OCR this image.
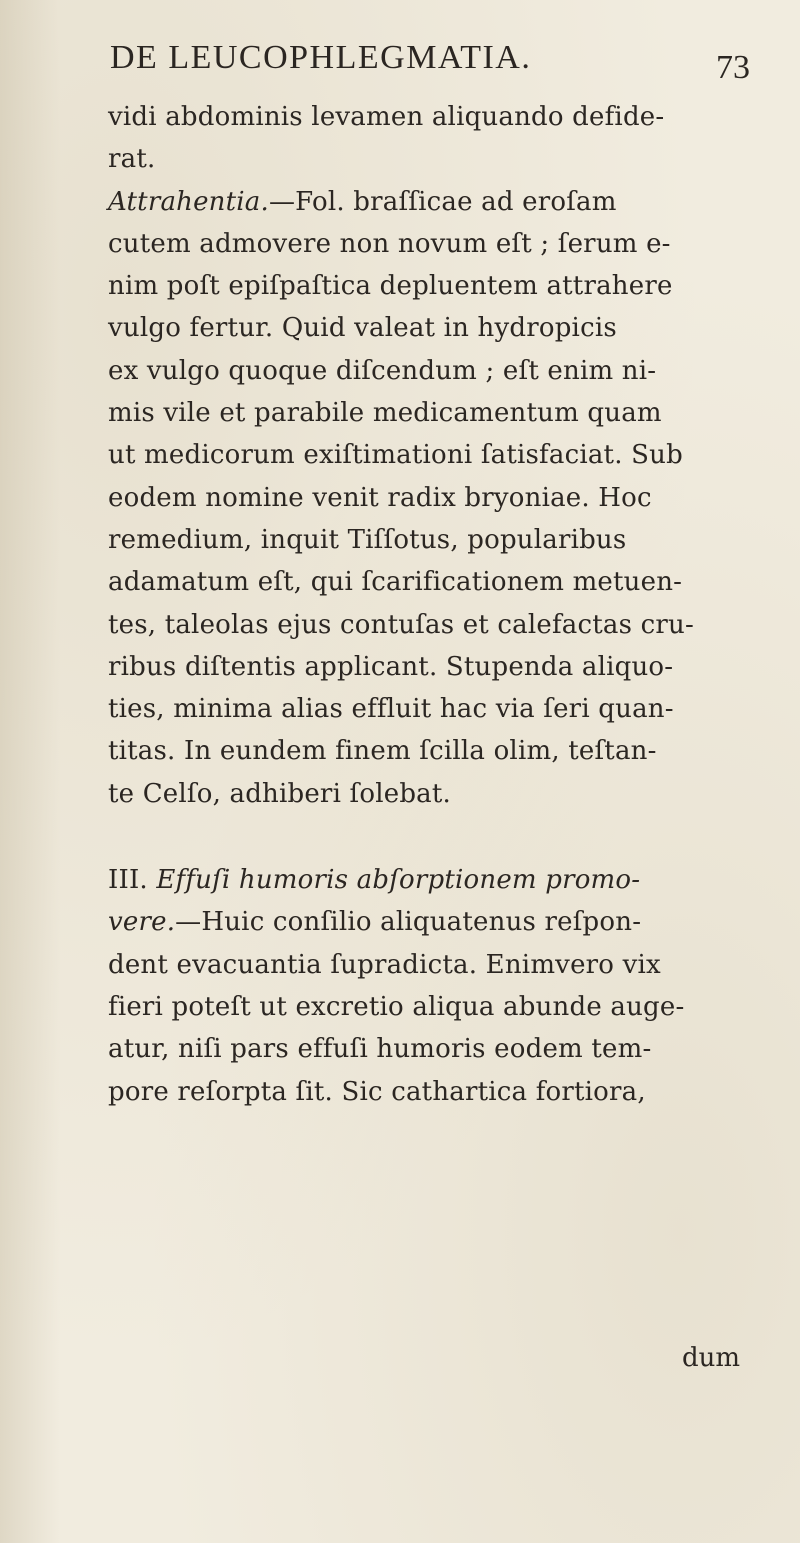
DE LEUCOPHLEGMATIA.	73
vidi abdominis levamen aliquando defide-
rat.
Attrahentia.—Fol. braſſicae ad eroſam
cutem admovere non novum eſt ; ſerum e-
nim poſt epiſpaſtica depluentem attrahere
vulgo fertur. Quid valeat in hydropicis
ex vulgo quoque diſcendum ; eſt enim ni-
mis vile et parabile medicamentum quam
ut medicorum exiſtimationi ſatisfaciat. Sub
eodem nomine venit radix bryoniae. Hoc
remedium, inquit Tiſſotus, popularibus
adamatum eſt, qui ſcarificationem metuen-
tes, taleolas ejus contuſas et calefactas cru-
ribus diſtentis applicant. Stupenda aliquo-
ties, minima alias effluit hac via ſeri quan-
titas. In eundem finem ſcilla olim, teſtan-
te Celſo, adhiberi ſolebat.
III. Effuſi humoris abſorptionem promo-
vere.—Huic conſilio aliquatenus reſpon-
dent evacuantia ſupradicta. Enimvero vix
fieri poteſt ut excretio aliqua abunde auge-
atur, niſi pars effuſi humoris eodem tem-
pore reſorpta ſit. Sic cathartica fortiora,
dum
